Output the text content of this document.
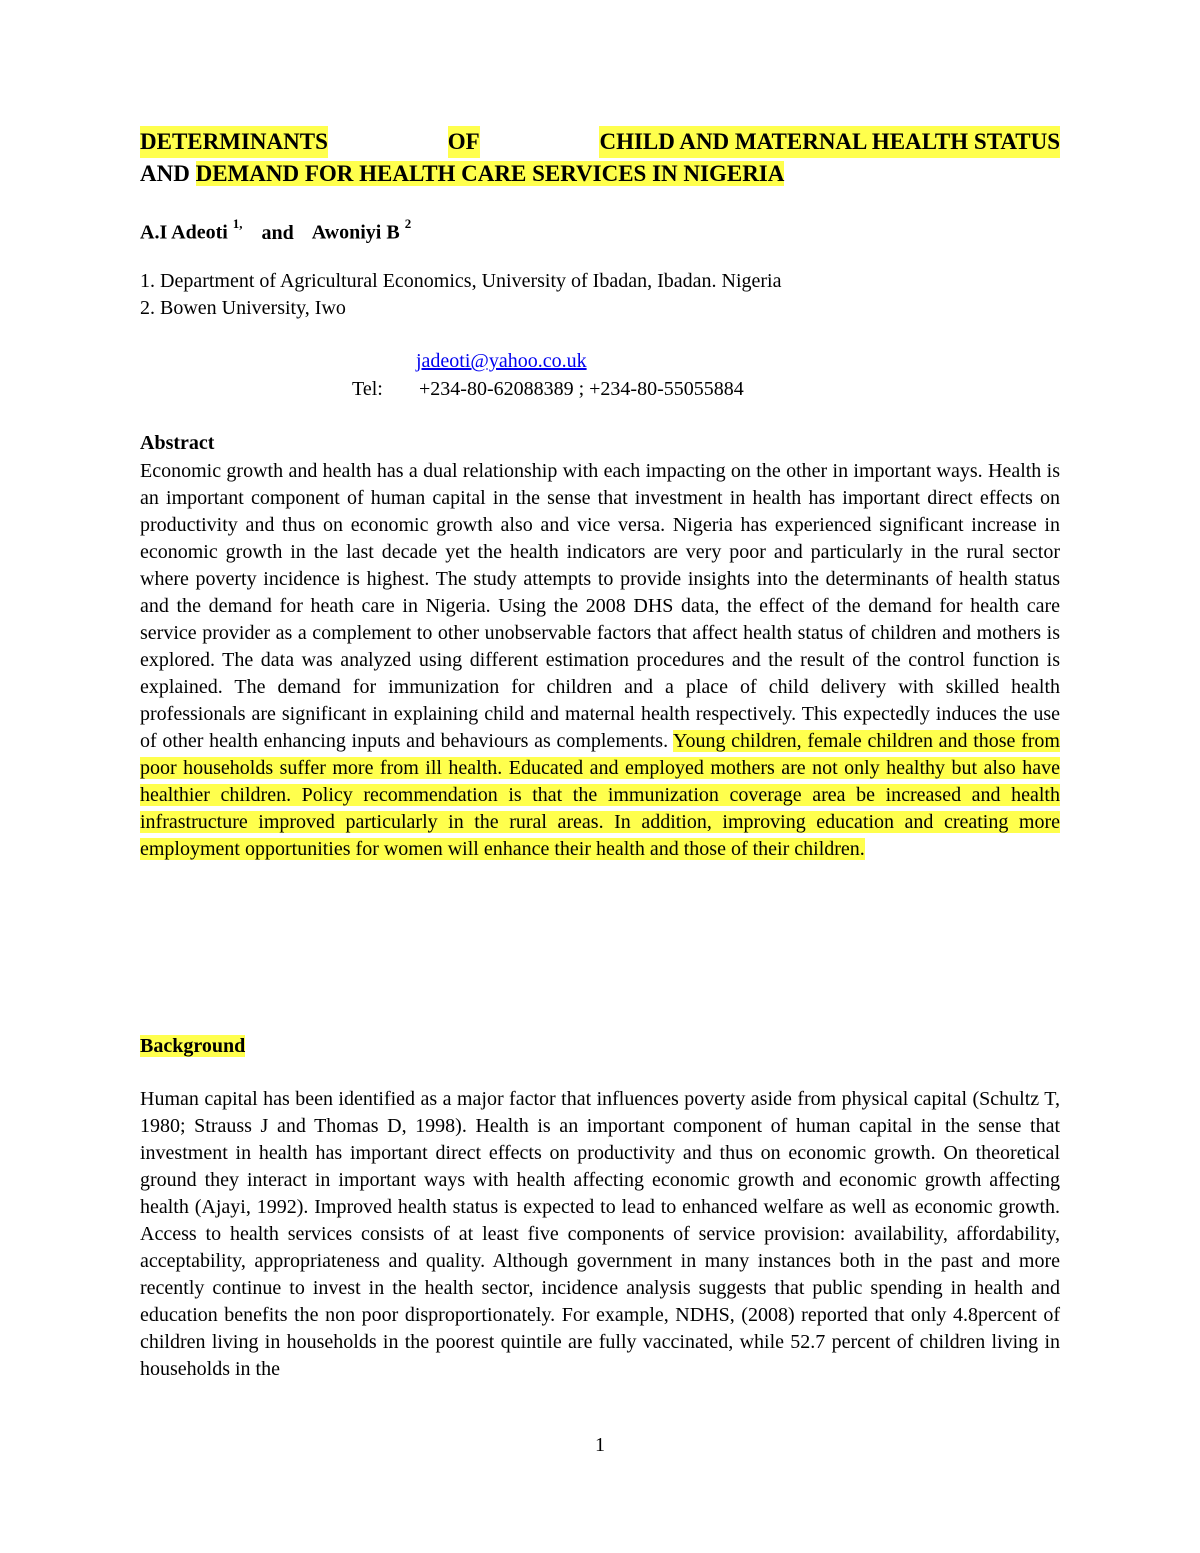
DETERMINANTS	OF	CHILD AND MATERNAL HEALTH STATUS
AND DEMAND FOR HEALTH CARE SERVICES IN NIGERIA

A.I Adeoti $^{1,}$ and Awoniyi B $^2$

1. Department of Agricultural Economics, University of Ibadan, Ibadan. Nigeria
2. Bowen University, Iwo

jadeoti@yahoo.co.uk

Tel: +234-80-62088389 ; +234-80-55055884

Abstract

Economic growth and health has a dual relationship with each impacting on the other in important ways. Health is an important component of human capital in the sense that investment in health has important direct effects on productivity and thus on economic growth also and vice versa. Nigeria has experienced significant increase in economic growth in the last decade yet the health indicators are very poor and particularly in the rural sector where poverty incidence is highest. The study attempts to provide insights into the determinants of health status and the demand for heath care in Nigeria. Using the 2008 DHS data, the effect of the demand for health care service provider as a complement to other unobservable factors that affect health status of children and mothers is explored. The data was analyzed using different estimation procedures and the result of the control function is explained. The demand for immunization for children and a place of child delivery with skilled health professionals are significant in explaining child and maternal health respectively. This expectedly induces the use of other health enhancing inputs and behaviours as complements. Young children, female children and those from poor households suffer more from ill health. Educated and employed mothers are not only healthy but also have healthier children. Policy recommendation is that the immunization coverage area be increased and health infrastructure improved particularly in the rural areas. In addition, improving education and creating more employment opportunities for women will enhance their health and those of their children.

Background

Human capital has been identified as a major factor that influences poverty aside from physical capital (Schultz T, 1980; Strauss J and Thomas D, 1998). Health is an important component of human capital in the sense that investment in health has important direct effects on productivity and thus on economic growth. On theoretical ground they interact in important ways with health affecting economic growth and economic growth affecting health (Ajayi, 1992). Improved health status is expected to lead to enhanced welfare as well as economic growth. Access to health services consists of at least five components of service provision: availability, affordability, acceptability, appropriateness and quality. Although government in many instances both in the past and more recently continue to invest in the health sector, incidence analysis suggests that public spending in health and education benefits the non poor disproportionately. For example, NDHS, (2008) reported that only 4.8percent of children living in households in the poorest quintile are fully vaccinated, while 52.7 percent of children living in households in the

1
